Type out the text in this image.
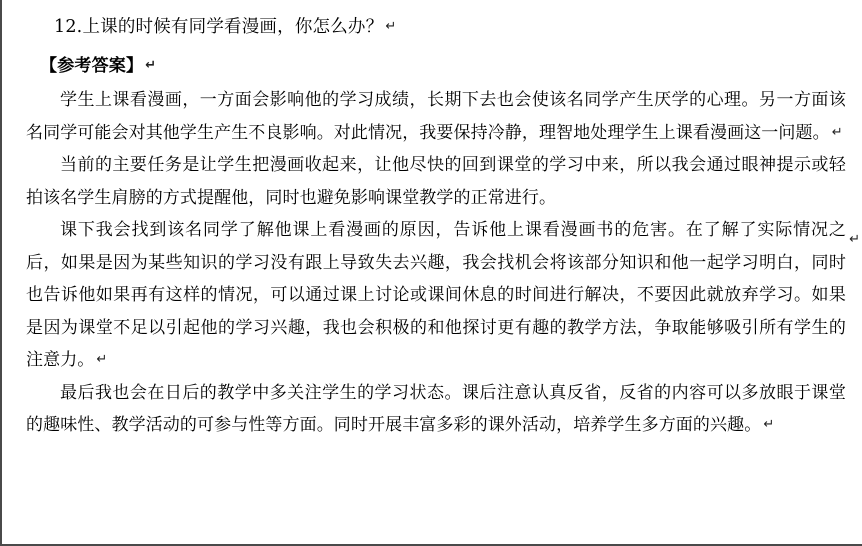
12.上课的时候有同学看漫画，你怎么办？ ↵
【参考答案】 ↵

学生上课看漫画，一方面会影响他的学习成绩，长期下去也会使该名同学产生厌学的心理。另一方面该名同学可能会对其他学生产生不良影响。对此情况，我要保持冷静，理智地处理学生上课看漫画这一问题。 ↵

当前的主要任务是让学生把漫画收起来，让他尽快的回到课堂的学习中来，所以我会通过眼神提示或轻拍该名学生肩膀的方式提醒他，同时也避免影响课堂教学的正常进行。

课下我会找到该名同学了解他课上看漫画的原因，告诉他上课看漫画书的危害。在了解了实际情况之后，如果是因为某些知识的学习没有跟上导致失去兴趣，我会找机会将该部分知识和他一起学习明白，同时也告诉他如果再有这样的情况，可以通过课上讨论或课间休息的时间进行解决，不要因此就放弃学习。如果是因为课堂不足以引起他的学习兴趣，我也会积极的和他探讨更有趣的教学方法，争取能够吸引所有学生的注意力。 ↵

最后我也会在日后的教学中多关注学生的学习状态。课后注意认真反省，反省的内容可以多放眼于课堂的趣味性、教学活动的可参与性等方面。同时开展丰富多彩的课外活动，培养学生多方面的兴趣。 ↵

↵
